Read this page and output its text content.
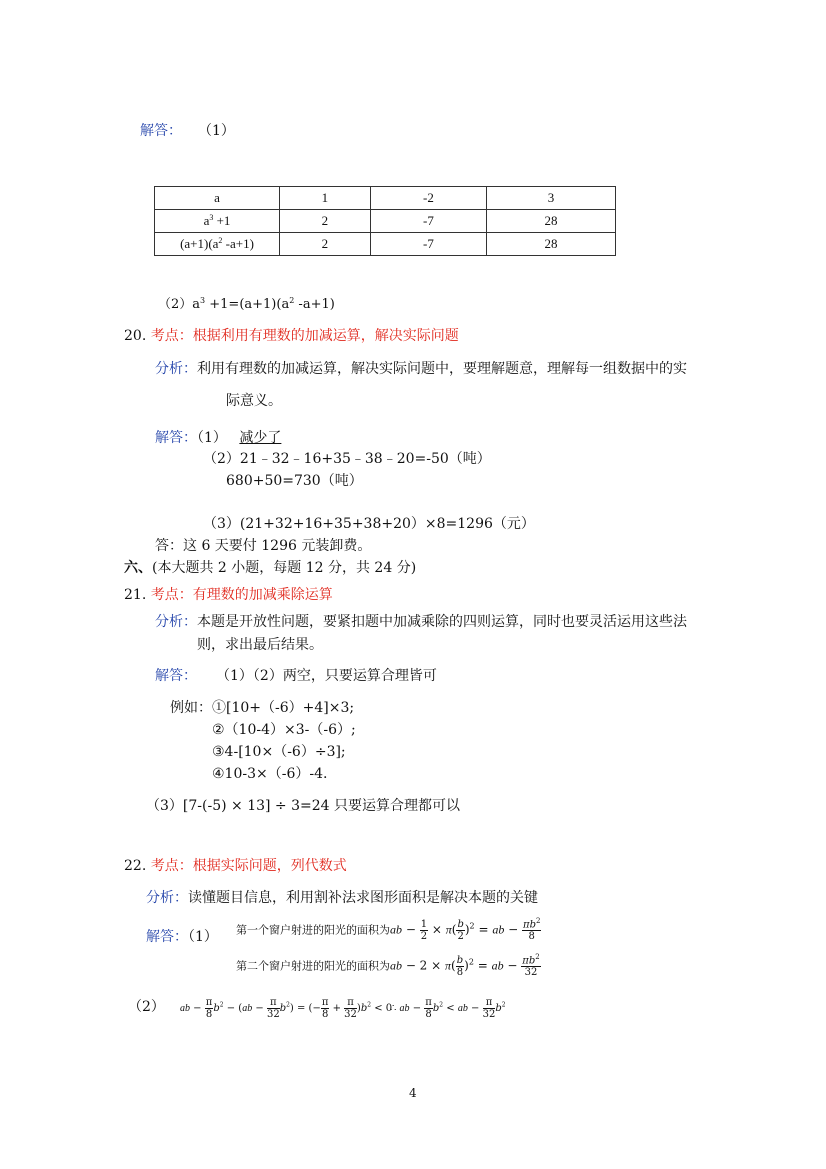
解答： （1）
a	1	-2	3
$a^3 +1$	2	-7	28
$(a+1)(a^2$ -a+1)	2	-7	28
$(2)a^3 +1=(a+1)(a^2$ -a+1)
20. 考点：根据利用有理数的加减运算，解决实际问题
分析：利用有理数的加减运算，解决实际问题中，要理解题意，理解每一组数据中的实
际意义。
解答：（1） 减少了
（2）21﹣32﹣16+35﹣38﹣20=-50（吨）
680+50=730（吨）
（3）(21+32+16+35+38+20）×8=1296（元）
答：这 6 天要付 1296 元装卸费。
六、(本大题共 2 小题，每题 12 分，共 24 分)
21. 考点：有理数的加减乘除运算
分析：本题是开放性问题，要紧扣题中加减乘除的四则运算，同时也要灵活运用这些法
则，求出最后结果。
解答： （1）（2）两空，只要运算合理皆可
例如：①[10+（-6）+4]×3;
②（10-4）×3-（-6）;
③4-[10×（-6）÷3];
④10-3×（-6）-4.
（3）[7-(-5) × 13] ÷ 3=24 只要运算合理都可以
22. 考点：根据实际问题，列代数式
分析：读懂题目信息，利用割补法求图形面积是解决本题的关键
解答：（1） 第一个窗户射进的阳光的面积为ab − $\frac{1}{2} \times \pi( \frac{b}{2} )^2$ = ab − $\frac{\pi b^2}{8}$
第二个窗户射进的阳光的面积为ab − $2 \times \pi( \frac{b}{8} )^2$ = ab − $\frac{\pi b^2}{32}$
（2） ab − $\frac{\pi}{8} b^2 - (ab - \frac{\pi}{32} b^2)$ = (− $\frac{\pi}{8} + \frac{\pi}{32} )b^2 < 0$
∴ ab − $\frac{\pi}{8} b^2$ < ab − $\frac{\pi}{32} b^2$
4
